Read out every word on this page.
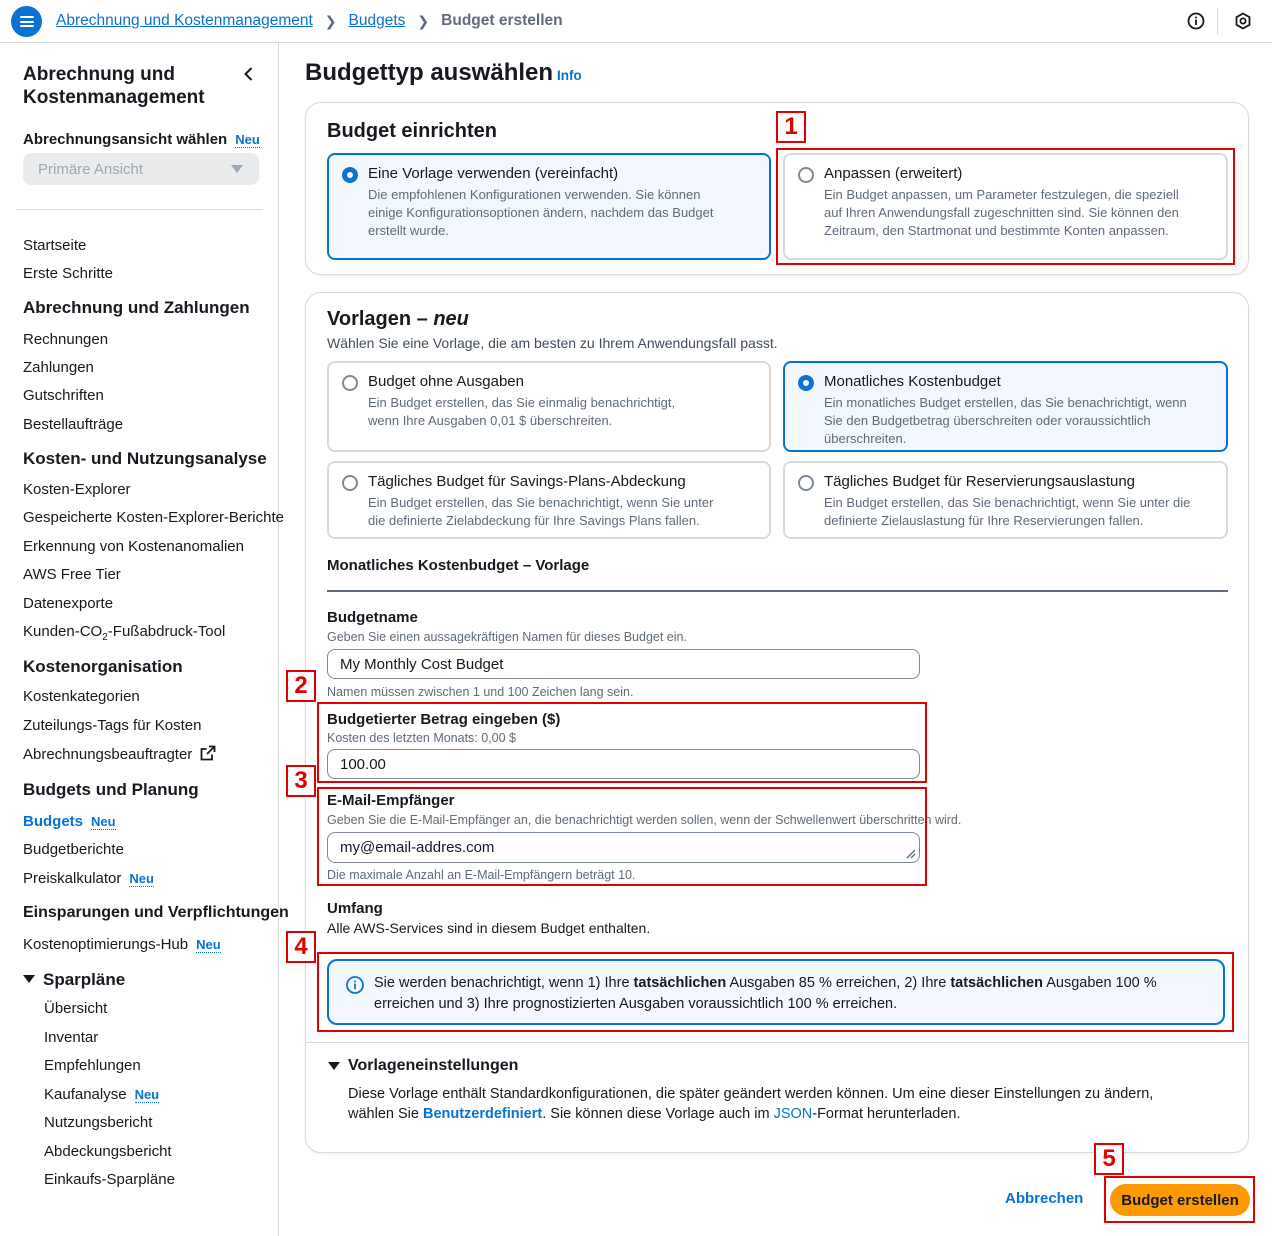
Abrechnung und Kostenmanagement ❯ Budgets ❯ Budget erstellen
Abrechnung und Kostenmanagement
Abrechnungsansicht wählen Neu
Primäre Ansicht
Startseite
Erste Schritte
Abrechnung und Zahlungen
Rechnungen
Zahlungen
Gutschriften
Bestellaufträge
Kosten- und Nutzungsanalyse
Kosten-Explorer
Gespeicherte Kosten-Explorer-Berichte
Erkennung von Kostenanomalien
AWS Free Tier
Datenexporte
Kunden-$CO_2-Fußabdruck$-Tool
Kostenorganisation
Kostenkategorien
Zuteilungs-Tags für Kosten
Abrechnungsbeauftragter
Budgets und Planung
Budgets Neu
Budgetberichte
Preiskalkulator Neu
Einsparungen und Verpflichtungen
Kostenoptimierungs-Hub Neu
Sparpläne
Übersicht
Inventar
Empfehlungen
Kaufanalyse Neu
Nutzungsbericht
Abdeckungsbericht
Einkaufs-Sparpläne
Budgettyp auswählen Info
Budget einrichten
Eine Vorlage verwenden (vereinfacht)
Die empfohlenen Konfigurationen verwenden. Sie können einige Konfigurationsoptionen ändern, nachdem das Budget erstellt wurde.
Anpassen (erweitert)
Ein Budget anpassen, um Parameter festzulegen, die speziell auf Ihren Anwendungsfall zugeschnitten sind. Sie können den Zeitraum, den Startmonat und bestimmte Konten anpassen.
Vorlagen – neu
Wählen Sie eine Vorlage, die am besten zu Ihrem Anwendungsfall passt.
Budget ohne Ausgaben
Ein Budget erstellen, das Sie einmalig benachrichtigt, wenn Ihre Ausgaben 0,01 $ überschreiten.
Monatliches Kostenbudget
Ein monatliches Budget erstellen, das Sie benachrichtigt, wenn Sie den Budgetbetrag überschreiten oder voraussichtlich überschreiten.
Tägliches Budget für Savings-Plans-Abdeckung
Ein Budget erstellen, das Sie benachrichtigt, wenn Sie unter die definierte Zielabdeckung für Ihre Savings Plans fallen.
Tägliches Budget für Reservierungsauslastung
Ein Budget erstellen, das Sie benachrichtigt, wenn Sie unter die definierte Zielauslastung für Ihre Reservierungen fallen.
Monatliches Kostenbudget – Vorlage
Budgetname
Geben Sie einen aussagekräftigen Namen für dieses Budget ein.
My Monthly Cost Budget
Namen müssen zwischen 1 und 100 Zeichen lang sein.
Budgetierter Betrag eingeben ($)
Kosten des letzten Monats: 0,00 $
100.00
E-Mail-Empfänger
Geben Sie die E-Mail-Empfänger an, die benachrichtigt werden sollen, wenn der Schwellenwert überschritten wird.
my@email-addres.com
Die maximale Anzahl an E-Mail-Empfängern beträgt 10.
Umfang
Alle AWS-Services sind in diesem Budget enthalten.
Sie werden benachrichtigt, wenn 1) Ihre tatsächlichen Ausgaben 85 % erreichen, 2) Ihre tatsächlichen Ausgaben 100 % erreichen und 3) Ihre prognostizierten Ausgaben voraussichtlich 100 % erreichen.
Vorlageneinstellungen
Diese Vorlage enthält Standardkonfigurationen, die später geändert werden können. Um eine dieser Einstellungen zu ändern, wählen Sie Benutzerdefiniert. Sie können diese Vorlage auch im JSON-Format herunterladen.
Abbrechen	Budget erstellen
1
2
3
4
5
